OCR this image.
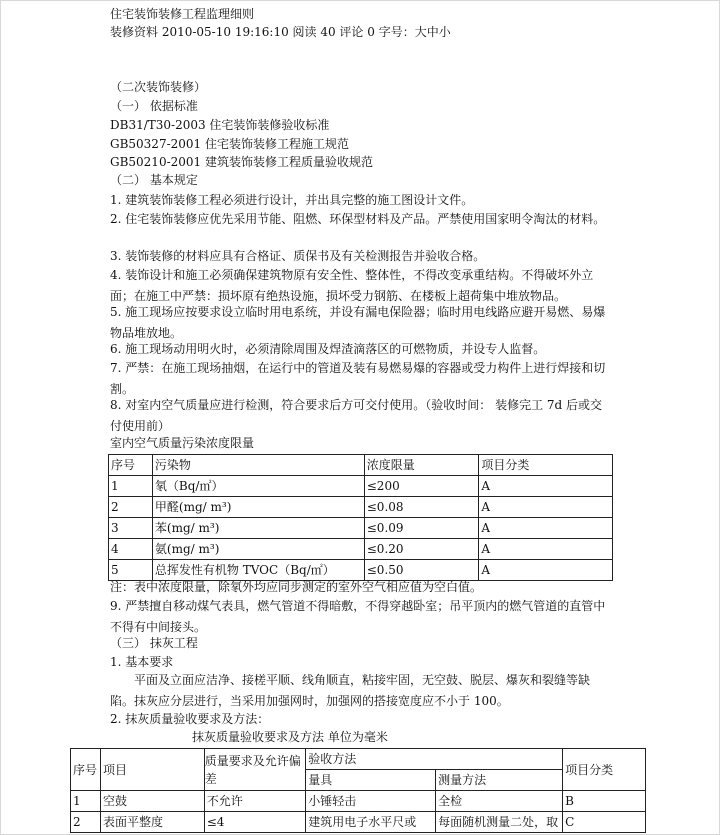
住宅装饰装修工程监理细则
装修资料 2010-05-10 19:16:10 阅读 40 评论 0 字号：大中小
（二次装饰装修）
（一） 依据标准
DB31/T30-2003 住宅装饰装修验收标准
GB50327-2001 住宅装饰装修工程施工规范
GB50210-2001 建筑装饰装修工程质量验收规范
（二） 基本规定
1. 建筑装饰装修工程必须进行设计，并出具完整的施工图设计文件。
2. 住宅装饰装修应优先采用节能、阻燃、环保型材料及产品。严禁使用国家明令淘汰的材料。
3. 装饰装修的材料应具有合格证、质保书及有关检测报告并验收合格。
4. 装饰设计和施工必须确保建筑物原有安全性、整体性，不得改变承重结构。不得破坏外立面；在施工中严禁：损坏原有绝热设施，损坏受力钢筋、在楼板上超荷集中堆放物品。
5. 施工现场应按要求设立临时用电系统，并设有漏电保险器；临时用电线路应避开易燃、易爆物品堆放地。
6. 施工现场动用明火时，必须清除周围及焊渣滴落区的可燃物质，并设专人监督。
7. 严禁：在施工现场抽烟，在运行中的管道及装有易燃易爆的容器或受力构件上进行焊接和切割。
8. 对室内空气质量应进行检测，符合要求后方可交付使用。（验收时间： 装修完工 7d 后或交付使用前）
室内空气质量污染浓度限量
序号	污染物	浓度限量	项目分类
1	氡（Bq/㎡）	≤200	A
2	甲醛(mg/ m³)	≤0.08	A
3	苯(mg/ m³)	≤0.09	A
4	氨(mg/ m³)	≤0.20	A
5	总挥发性有机物 TVOC（Bq/㎡）	≤0.50	A
注：表中浓度限量，除氡外均应同步测定的室外空气相应值为空白值。
9. 严禁擅自移动煤气表具，燃气管道不得暗敷，不得穿越卧室；吊平顶内的燃气管道的直管中不得有中间接头。
（三） 抹灰工程
1. 基本要求
平面及立面应洁净、接槎平顺、线角顺直，粘接牢固，无空鼓、脱层、爆灰和裂缝等缺陷。抹灰应分层进行，当采用加强网时，加强网的搭接宽度应不小于 100。
2. 抹灰质量验收要求及方法：
抹灰质量验收要求及方法 单位为毫米
序号	项目	质量要求及允许偏差	验收方法		项目分类
			量具	测量方法	
1	空鼓	不允许	小锤轻击	全检	B
2	表面平整度	≤4	建筑用电子水平尺或	每面随机测量二处，取	C
